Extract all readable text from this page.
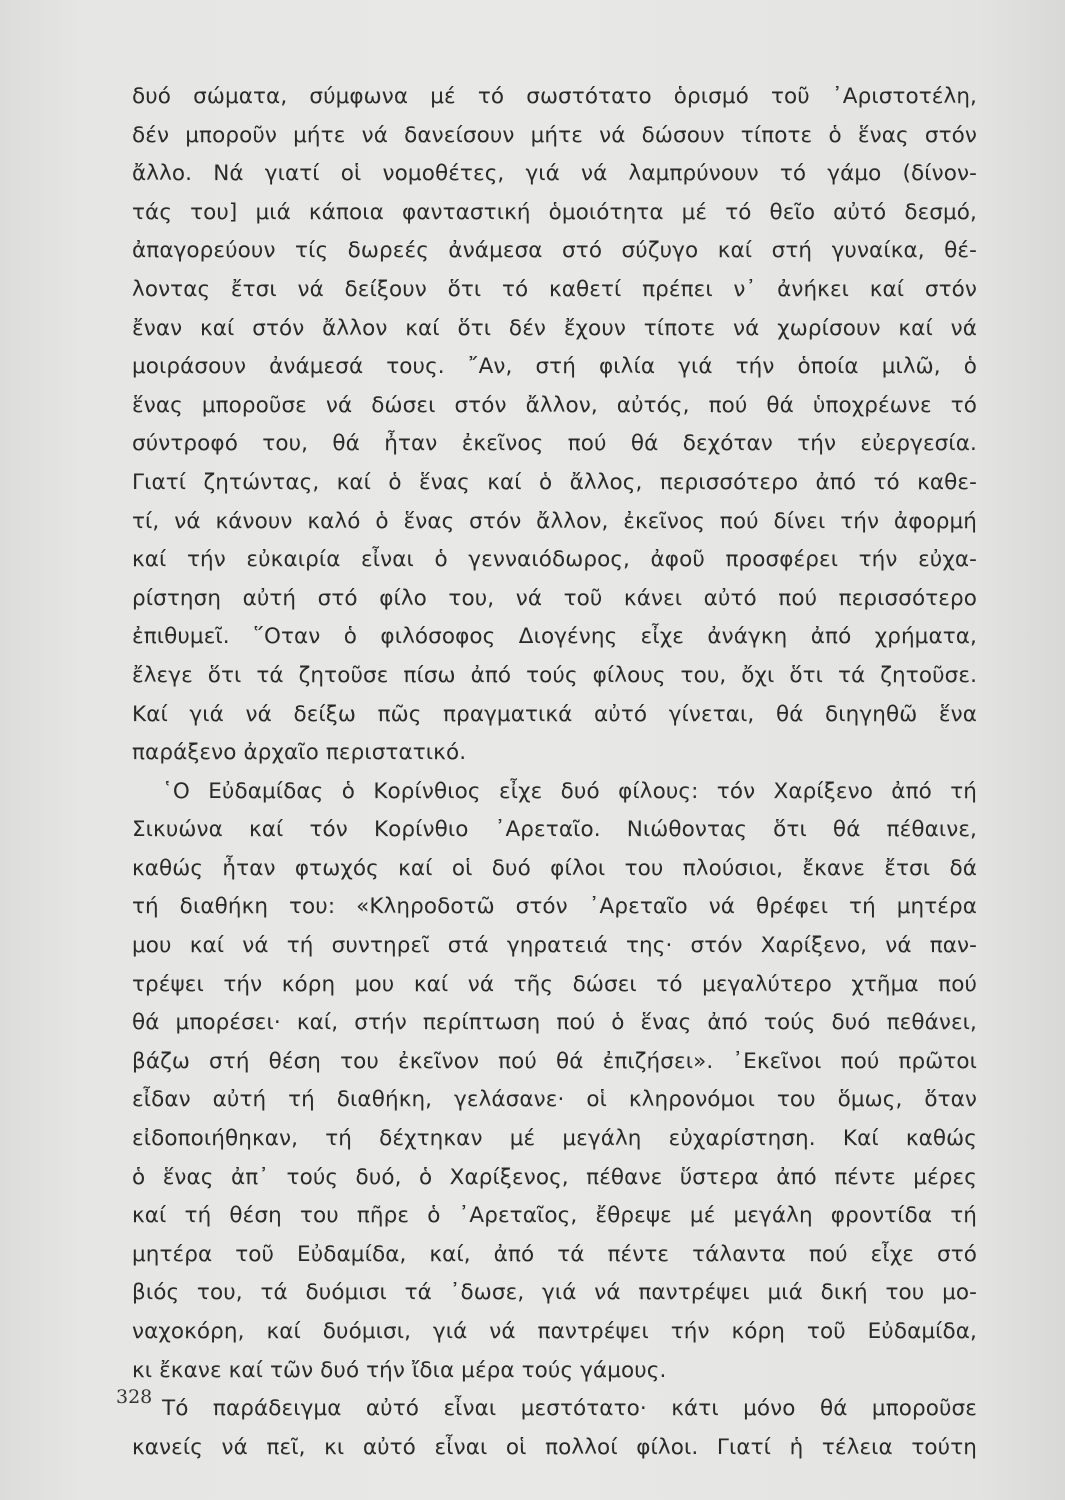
δυό σώματα, σύμφωνα μέ τό σωστότατο ὁρισμό τοῦ ᾿Αριστοτέλη,
δέν μποροῦν μήτε νά δανείσουν μήτε νά δώσουν τίποτε ὁ ἕνας στόν
ἄλλο. Νά γιατί οἱ νομοθέτες, γιά νά λαμπρύνουν τό γάμο (δίνον-
τάς του] μιά κάποια φανταστική ὁμοιότητα μέ τό θεῖο αὐτό δεσμό,
ἀπαγορεύουν τίς δωρεές ἀνάμεσα στό σύζυγο καί στή γυναίκα, θέ-
λοντας ἔτσι νά δείξουν ὅτι τό καθετί πρέπει ν᾿ ἀνήκει καί στόν
ἔναν καί στόν ἄλλον καί ὅτι δέν ἔχουν τίποτε νά χωρίσουν καί νά
μοιράσουν ἀνάμεσά τους. ῎Αν, στή φιλία γιά τήν ὁποία μιλῶ, ὁ
ἕνας μποροῦσε νά δώσει στόν ἄλλον, αὐτός, πού θά ὑποχρέωνε τό
σύντροφό του, θά ἦταν ἐκεῖνος πού θά δεχόταν τήν εὐεργεσία.
Γιατί ζητώντας, καί ὁ ἕνας καί ὁ ἄλλος, περισσότερο ἀπό τό καθε-
τί, νά κάνουν καλό ὁ ἕνας στόν ἄλλον, ἐκεῖνος πού δίνει τήν ἀφορμή
καί τήν εὐκαιρία εἶναι ὁ γενναιόδωρος, ἀφοῦ προσφέρει τήν εὐχα-
ρίστηση αὐτή στό φίλο του, νά τοῦ κάνει αὐτό πού περισσότερο
ἐπιθυμεῖ. ῞Οταν ὁ φιλόσοφος Διογένης εἶχε ἀνάγκη ἀπό χρήματα,
ἔλεγε ὅτι τά ζητοῦσε πίσω ἀπό τούς φίλους του, ὄχι ὅτι τά ζητοῦσε.
Καί γιά νά δείξω πῶς πραγματικά αὐτό γίνεται, θά διηγηθῶ ἕνα
παράξενο ἀρχαῖο περιστατικό.
῾Ο Εὐδαμίδας ὁ Κορίνθιος εἶχε δυό φίλους: τόν Χαρίξενο ἀπό τή
Σικυώνα καί τόν Κορίνθιο ᾿Αρεταῖο. Νιώθοντας ὅτι θά πέθαινε,
καθώς ἦταν φτωχός καί οἱ δυό φίλοι του πλούσιοι, ἔκανε ἔτσι δά
τή διαθήκη του: «Κληροδοτῶ στόν ᾿Αρεταῖο νά θρέφει τή μητέρα
μου καί νά τή συντηρεῖ στά γηρατειά της· στόν Χαρίξενο, νά παν-
τρέψει τήν κόρη μου καί νά τῆς δώσει τό μεγαλύτερο χτῆμα πού
θά μπορέσει· καί, στήν περίπτωση πού ὁ ἕνας ἀπό τούς δυό πεθάνει,
βάζω στή θέση του ἐκεῖνον πού θά ἐπιζήσει». ᾿Εκεῖνοι πού πρῶτοι
εἶδαν αὐτή τή διαθήκη, γελάσανε· οἱ κληρονόμοι του ὅμως, ὅταν
εἰδοποιήθηκαν, τή δέχτηκαν μέ μεγάλη εὐχαρίστηση. Καί καθώς
ὁ ἕνας ἀπ᾿ τούς δυό, ὁ Χαρίξενος, πέθανε ὕστερα ἀπό πέντε μέρες
καί τή θέση του πῆρε ὁ ᾿Αρεταῖος, ἔθρεψε μέ μεγάλη φροντίδα τή
μητέρα τοῦ Εὐδαμίδα, καί, ἀπό τά πέντε τάλαντα πού εἶχε στό
βιός του, τά δυόμισι τά ᾿δωσε, γιά νά παντρέψει μιά δική του μο-
ναχοκόρη, καί δυόμισι, γιά νά παντρέψει τήν κόρη τοῦ Εὐδαμίδα,
κι ἔκανε καί τῶν δυό τήν ἴδια μέρα τούς γάμους.
Τό παράδειγμα αὐτό εἶναι μεστότατο· κάτι μόνο θά μποροῦσε
κανείς νά πεῖ, κι αὐτό εἶναι οἱ πολλοί φίλοι. Γιατί ἡ τέλεια τούτη
328
